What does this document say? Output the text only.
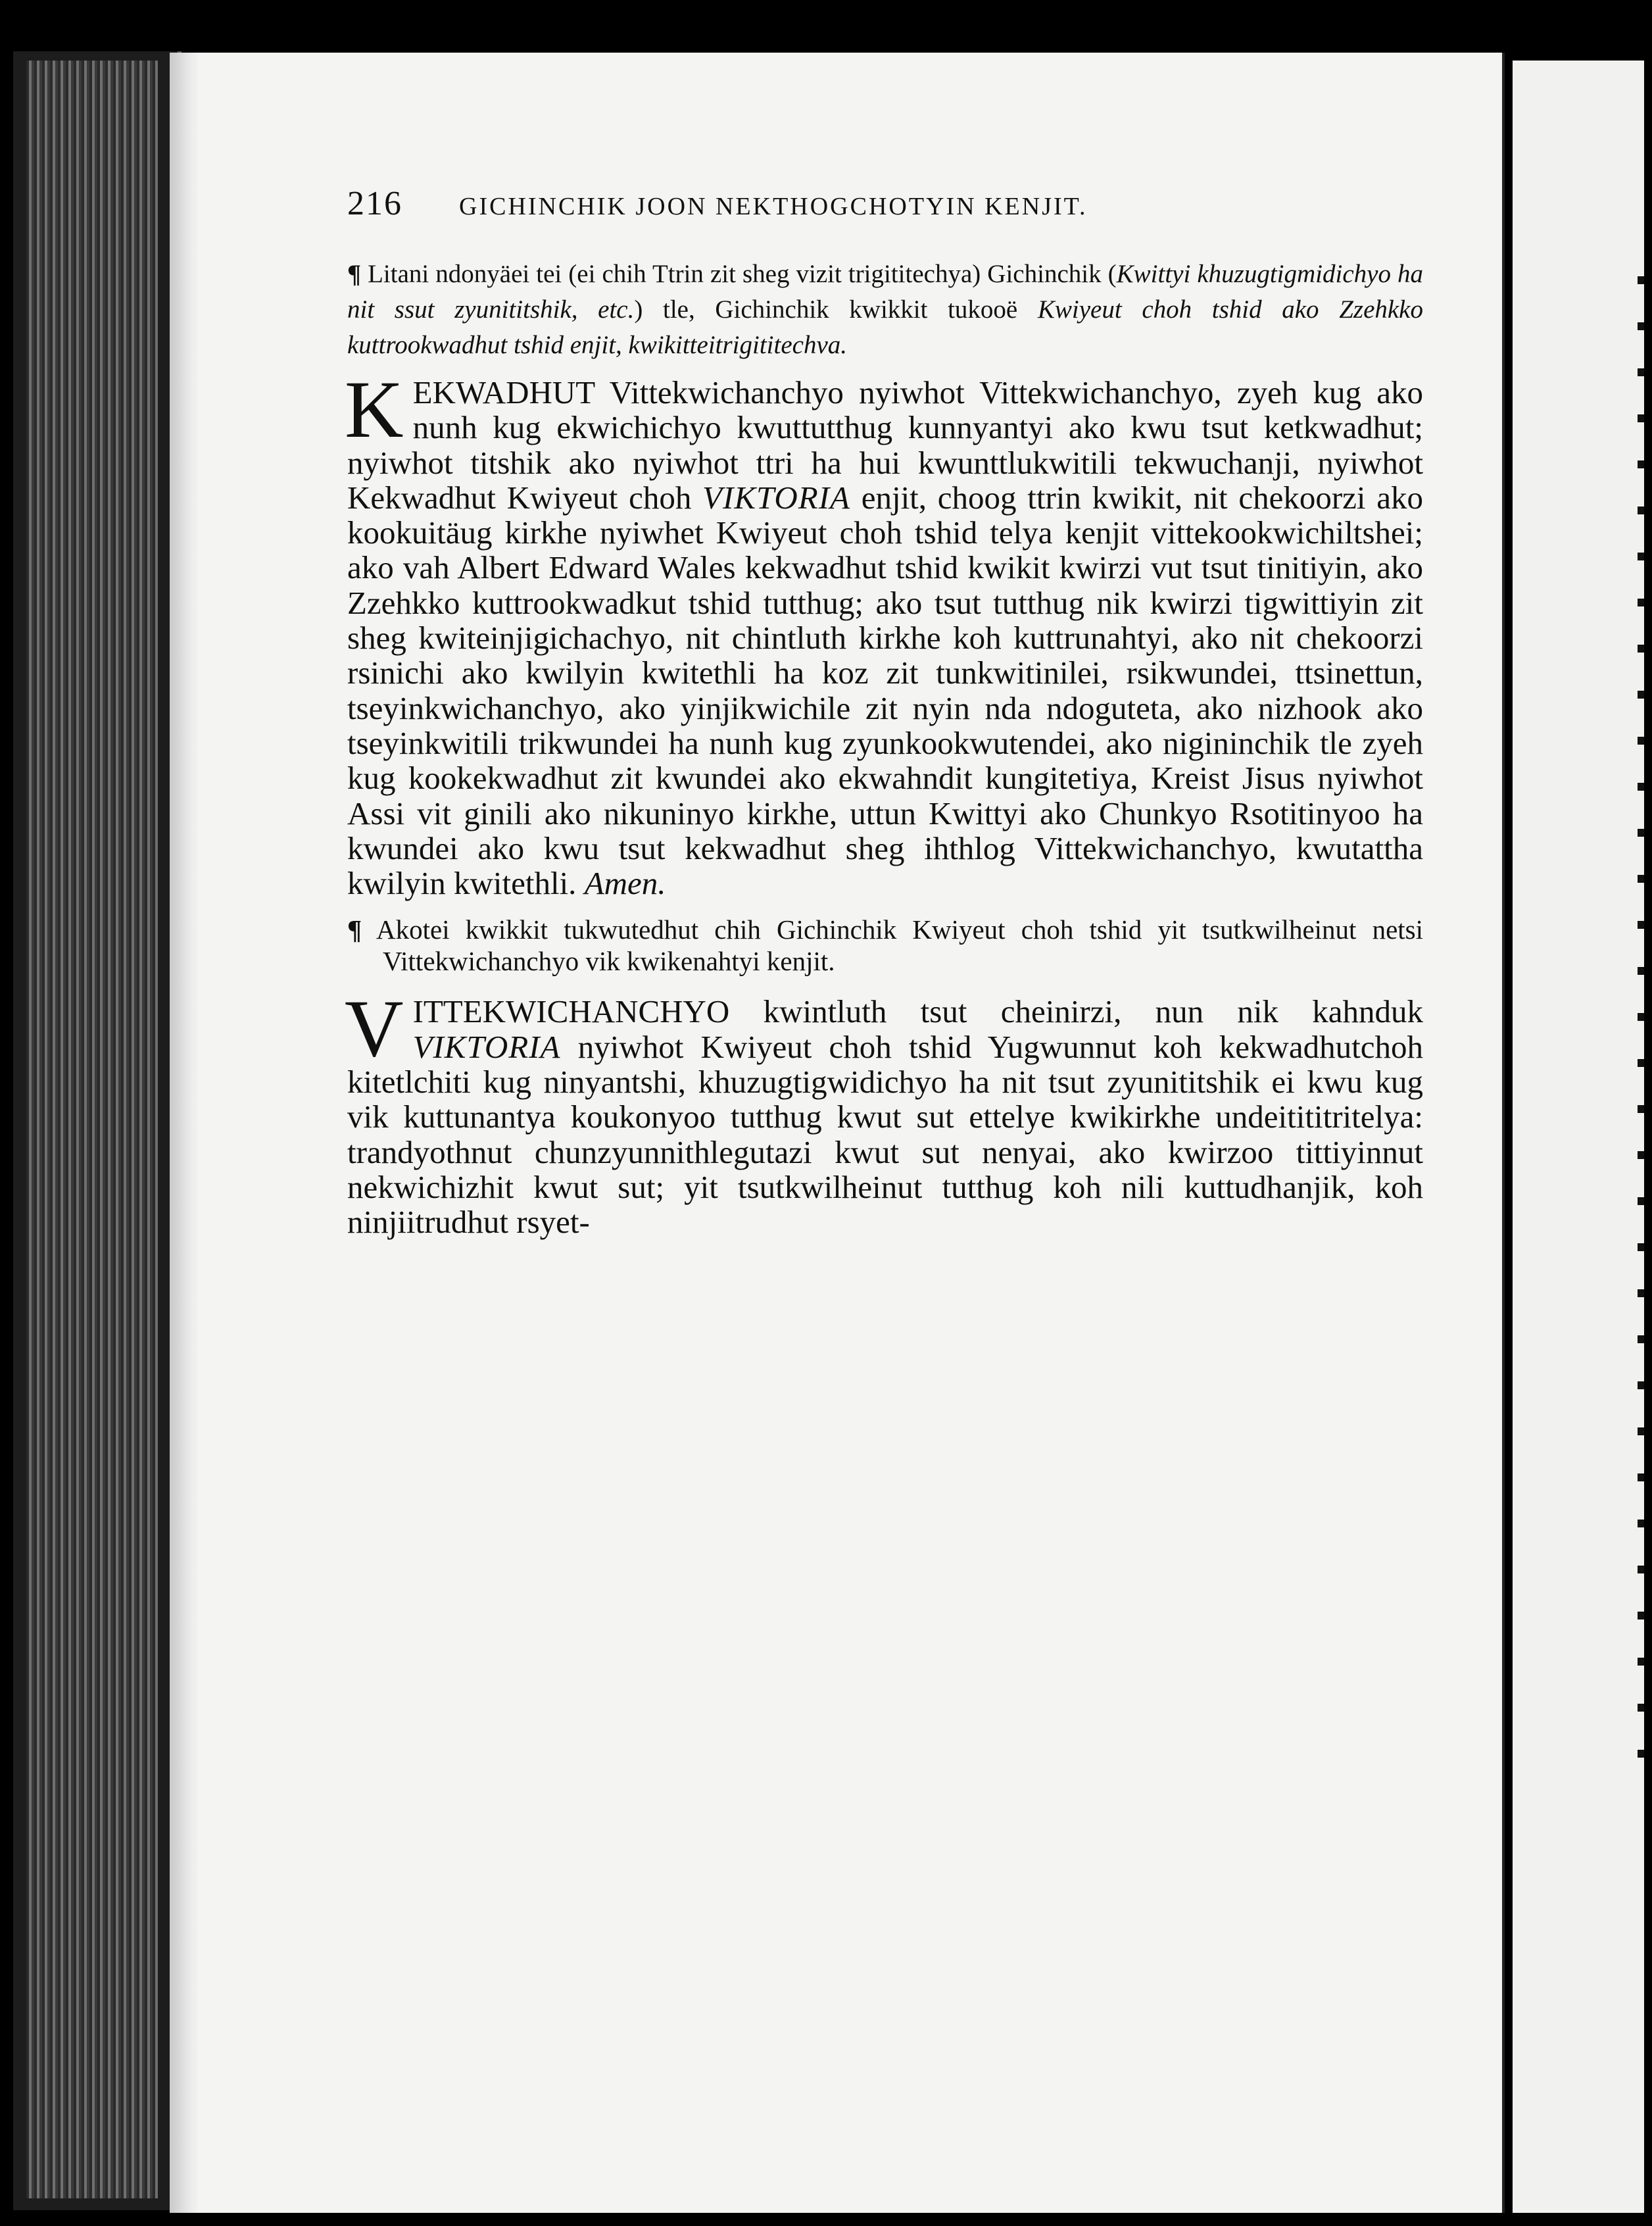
216 GICHINCHIK JOON NEKTHOGCHOTYIN KENJIT.

¶ Litani ndonyäei tei (ei chih Ttrin zit sheg vizit trigititechya) Gichinchik (Kwittyi khuzugtigmidichyo ha nit ssut zyunititshik, etc.) tle, Gichinchik kwikkit tukooë Kwiyeut choh tshid ako Zzehkko kuttrookwadhut tshid enjit, kwikitteitrigititechva.

KEKWADHUT Vittekwichanchyo nyiwhot Vittekwichanchyo, zyeh kug ako nunh kug ekwichichyo kwuttutthug kunnyantyi ako kwu tsut ketkwadhut; nyiwhot titshik ako nyiwhot ttri ha hui kwunttlukwitili tekwuchanji, nyiwhot Kekwadhut Kwiyeut choh VIKTORIA enjit, choog ttrin kwikit, nit chekoorzi ako kookuitäug kirkhe nyiwhet Kwiyeut choh tshid telya kenjit vittekookwichiltshei; ako vah Albert Edward Wales kekwadhut tshid kwikit kwirzi vut tsut tinitiyin, ako Zzehkko kuttrookwadkut tshid tutthug; ako tsut tutthug nik kwirzi tigwittiyin zit sheg kwiteinjigichachyo, nit chintluth kirkhe koh kuttrunahtyi, ako nit chekoorzi rsinichi ako kwilyin kwitethli ha koz zit tunkwitinilei, rsikwundei, ttsinettun, tseyinkwichanchyo, ako yinjikwichile zit nyin nda ndoguteta, ako nizhook ako tseyinkwitili trikwundei ha nunh kug zyunkookwutendei, ako nigininchik tle zyeh kug kookekwadhut zit kwundei ako ekwahndit kungitetiya, Kreist Jisus nyiwhot Assi vit ginili ako nikuninyo kirkhe, uttun Kwittyi ako Chunkyo Rsotitinyoo ha kwundei ako kwu tsut kekwadhut sheg ihthlog Vittekwichanchyo, kwutattha kwilyin kwitethli. Amen.

¶ Akotei kwikkit tukwutedhut chih Gichinchik Kwiyeut choh tshid yit tsutkwilheinut netsi Vittekwichanchyo vik kwikenahtyi kenjit.

VITTEKWICHANCHYO kwintluth tsut cheinirzi, nun nik kahnduk VIKTORIA nyiwhot Kwiyeut choh tshid Yugwunnut koh kekwadhutchoh kitetlchiti kug ninyantshi, khuzugtigwidichyo ha nit tsut zyunititshik ei kwu kug vik kuttunantya koukonyoo tutthug kwut sut ettelye kwikirkhe undeitititritelya: trandyothnut chunzyunnithlegutazi kwut sut nenyai, ako kwirzoo tittiyinnut nekwichizhit kwut sut; yit tsutkwilheinut tutthug koh nili kuttudhanjik, koh ninjiitrudhut rsyet-
